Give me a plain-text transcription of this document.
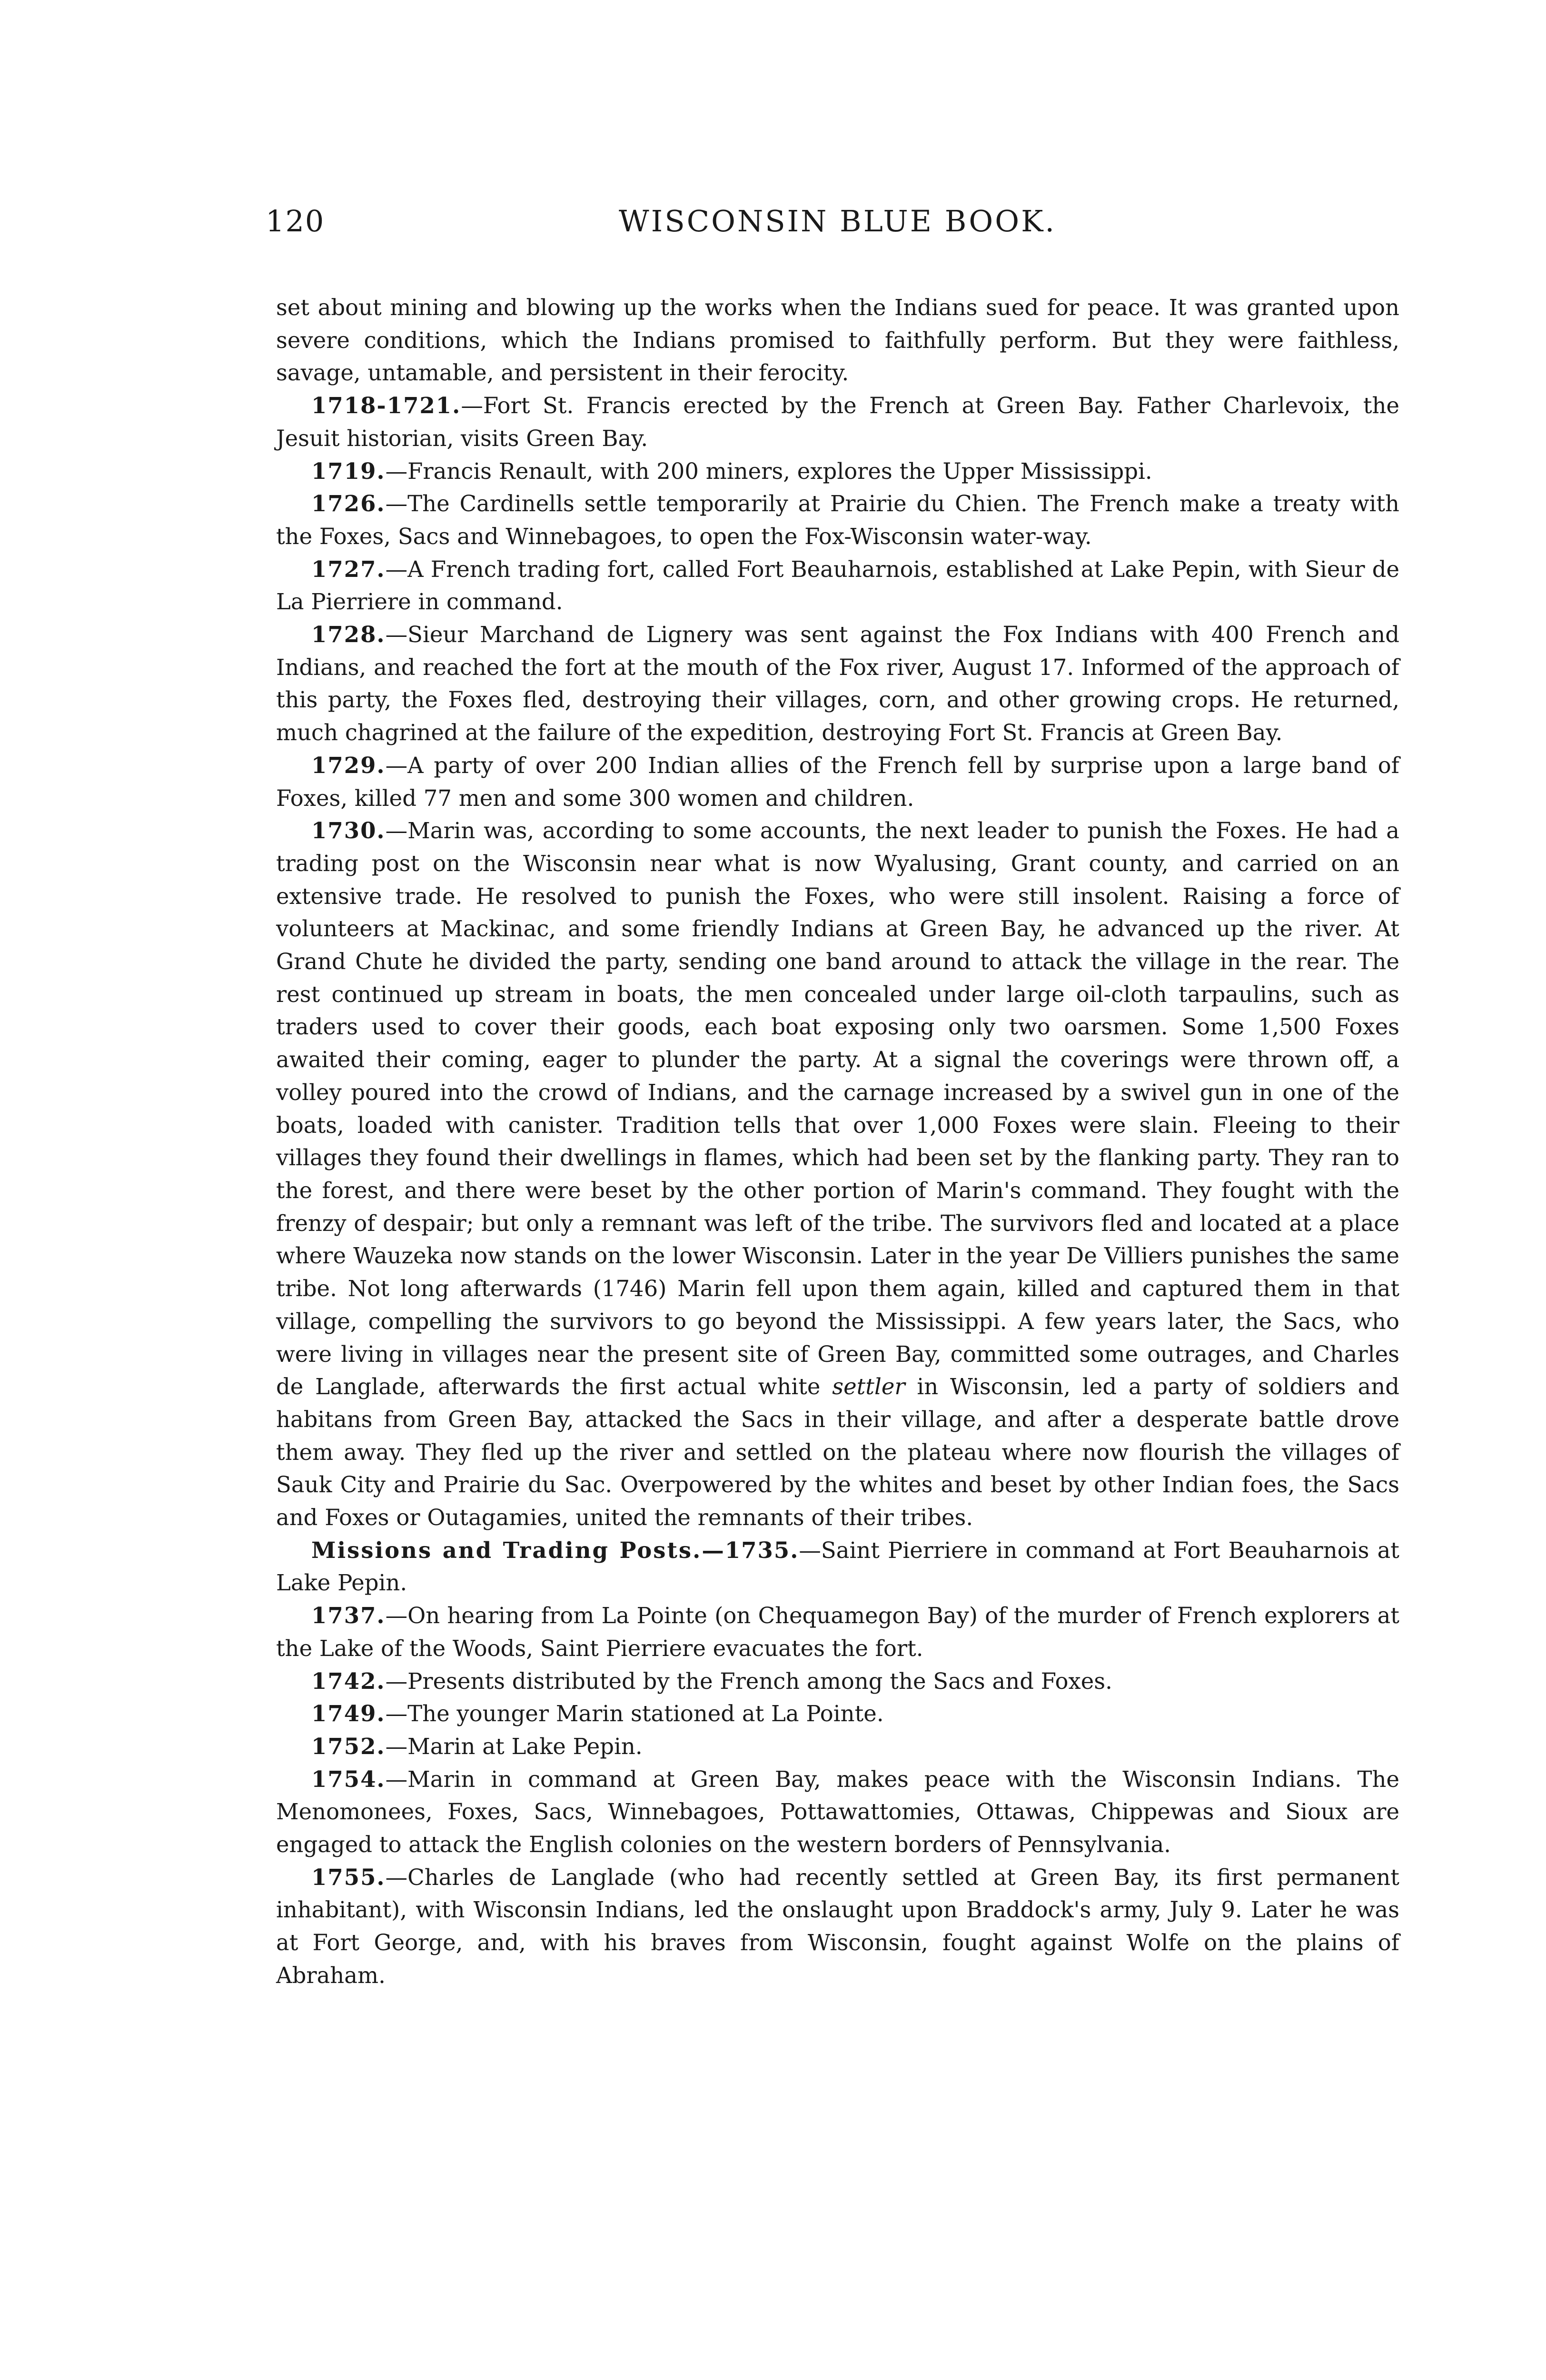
120	WISCONSIN BLUE BOOK.

set about mining and blowing up the works when the Indians sued for peace. It was granted upon severe conditions, which the Indians promised to faithfully perform. But they were faithless, savage, untamable, and persistent in their ferocity.

1718-1721.—Fort St. Francis erected by the French at Green Bay. Father Charlevoix, the Jesuit historian, visits Green Bay.

1719.—Francis Renault, with 200 miners, explores the Upper Mississippi.

1726.—The Cardinells settle temporarily at Prairie du Chien. The French make a treaty with the Foxes, Sacs and Winnebagoes, to open the Fox-Wisconsin water-way.

1727.—A French trading fort, called Fort Beauharnois, established at Lake Pepin, with Sieur de La Pierriere in command.

1728.—Sieur Marchand de Lignery was sent against the Fox Indians with 400 French and Indians, and reached the fort at the mouth of the Fox river, August 17. Informed of the approach of this party, the Foxes fled, destroying their villages, corn, and other growing crops. He returned, much chagrined at the failure of the expedition, destroying Fort St. Francis at Green Bay.

1729.—A party of over 200 Indian allies of the French fell by surprise upon a large band of Foxes, killed 77 men and some 300 women and children.

1730.—Marin was, according to some accounts, the next leader to punish the Foxes. He had a trading post on the Wisconsin near what is now Wyalusing, Grant county, and carried on an extensive trade. He resolved to punish the Foxes, who were still insolent. Raising a force of volunteers at Mackinac, and some friendly Indians at Green Bay, he advanced up the river. At Grand Chute he divided the party, sending one band around to attack the village in the rear. The rest continued up stream in boats, the men concealed under large oil-cloth tarpaulins, such as traders used to cover their goods, each boat exposing only two oarsmen. Some 1,500 Foxes awaited their coming, eager to plunder the party. At a signal the coverings were thrown off, a volley poured into the crowd of Indians, and the carnage increased by a swivel gun in one of the boats, loaded with canister. Tradition tells that over 1,000 Foxes were slain. Fleeing to their villages they found their dwellings in flames, which had been set by the flanking party. They ran to the forest, and there were beset by the other portion of Marin's command. They fought with the frenzy of despair; but only a remnant was left of the tribe. The survivors fled and located at a place where Wauzeka now stands on the lower Wisconsin. Later in the year De Villiers punishes the same tribe. Not long afterwards (1746) Marin fell upon them again, killed and captured them in that village, compelling the survivors to go beyond the Mississippi. A few years later, the Sacs, who were living in villages near the present site of Green Bay, committed some outrages, and Charles de Langlade, afterwards the first actual white settler in Wisconsin, led a party of soldiers and habitans from Green Bay, attacked the Sacs in their village, and after a desperate battle drove them away. They fled up the river and settled on the plateau where now flourish the villages of Sauk City and Prairie du Sac. Overpowered by the whites and beset by other Indian foes, the Sacs and Foxes or Outagamies, united the remnants of their tribes.

Missions and Trading Posts.—1735.—Saint Pierriere in command at Fort Beauharnois at Lake Pepin.

1737.—On hearing from La Pointe (on Chequamegon Bay) of the murder of French explorers at the Lake of the Woods, Saint Pierriere evacuates the fort.

1742.—Presents distributed by the French among the Sacs and Foxes.

1749.—The younger Marin stationed at La Pointe.

1752.—Marin at Lake Pepin.

1754.—Marin in command at Green Bay, makes peace with the Wisconsin Indians. The Menomonees, Foxes, Sacs, Winnebagoes, Pottawattomies, Ottawas, Chippewas and Sioux are engaged to attack the English colonies on the western borders of Pennsylvania.

1755.—Charles de Langlade (who had recently settled at Green Bay, its first permanent inhabitant), with Wisconsin Indians, led the onslaught upon Braddock's army, July 9. Later he was at Fort George, and, with his braves from Wisconsin, fought against Wolfe on the plains of Abraham.
